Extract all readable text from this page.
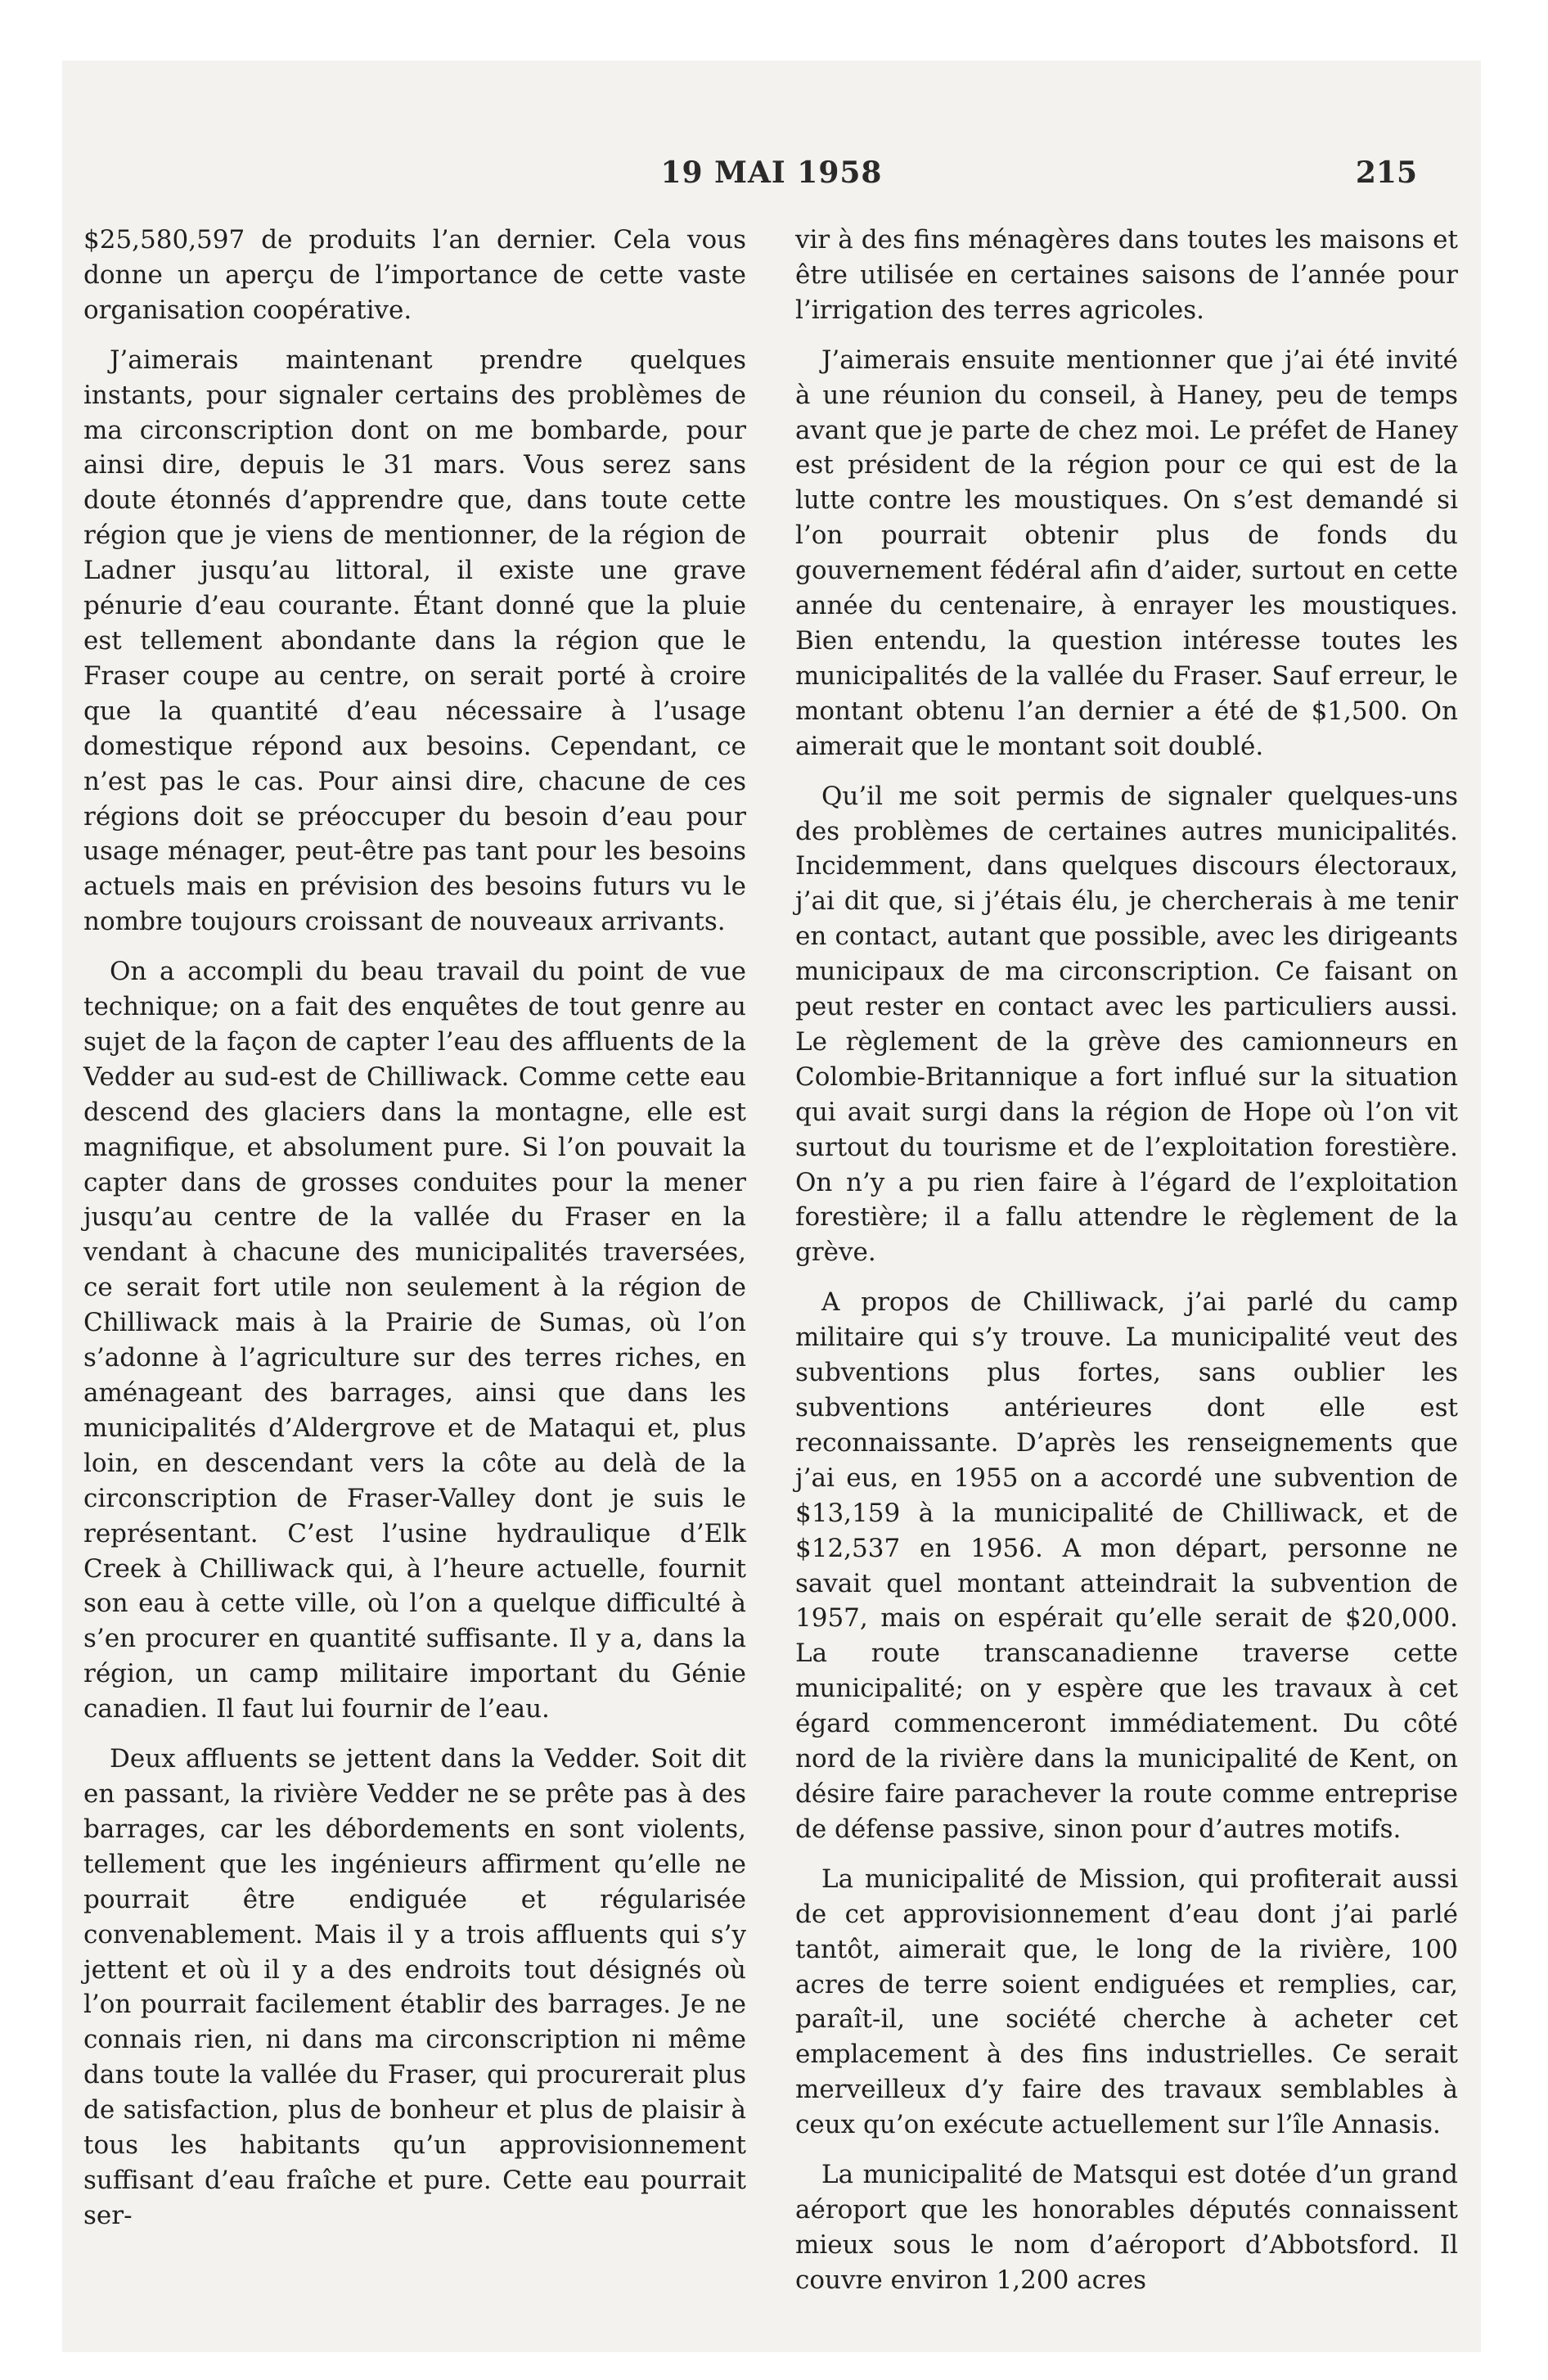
19 MAI 1958	215

$25,580,597 de produits l’an dernier. Cela vous donne un aperçu de l’importance de cette vaste organisation coopérative.

J’aimerais maintenant prendre quelques instants, pour signaler certains des problèmes de ma circonscription dont on me bombarde, pour ainsi dire, depuis le 31 mars. Vous serez sans doute étonnés d’apprendre que, dans toute cette région que je viens de mentionner, de la région de Ladner jusqu’au littoral, il existe une grave pénurie d’eau courante. Étant donné que la pluie est tellement abondante dans la région que le Fraser coupe au centre, on serait porté à croire que la quantité d’eau nécessaire à l’usage domestique répond aux besoins. Cependant, ce n’est pas le cas. Pour ainsi dire, chacune de ces régions doit se préoccuper du besoin d’eau pour usage ménager, peut-être pas tant pour les besoins actuels mais en prévision des besoins futurs vu le nombre toujours croissant de nouveaux arrivants.

On a accompli du beau travail du point de vue technique; on a fait des enquêtes de tout genre au sujet de la façon de capter l’eau des affluents de la Vedder au sud-est de Chilliwack. Comme cette eau descend des glaciers dans la montagne, elle est magnifique, et absolument pure. Si l’on pouvait la capter dans de grosses conduites pour la mener jusqu’au centre de la vallée du Fraser en la vendant à chacune des municipalités traversées, ce serait fort utile non seulement à la région de Chilliwack mais à la Prairie de Sumas, où l’on s’adonne à l’agriculture sur des terres riches, en aménageant des barrages, ainsi que dans les municipalités d’Aldergrove et de Mataqui et, plus loin, en descendant vers la côte au delà de la circonscription de Fraser-Valley dont je suis le représentant. C’est l’usine hydraulique d’Elk Creek à Chilliwack qui, à l’heure actuelle, fournit son eau à cette ville, où l’on a quelque difficulté à s’en procurer en quantité suffisante. Il y a, dans la région, un camp militaire important du Génie canadien. Il faut lui fournir de l’eau.

Deux affluents se jettent dans la Vedder. Soit dit en passant, la rivière Vedder ne se prête pas à des barrages, car les débordements en sont violents, tellement que les ingénieurs affirment qu’elle ne pourrait être endiguée et régularisée convenablement. Mais il y a trois affluents qui s’y jettent et où il y a des endroits tout désignés où l’on pourrait facilement établir des barrages. Je ne connais rien, ni dans ma circonscription ni même dans toute la vallée du Fraser, qui procurerait plus de satisfaction, plus de bonheur et plus de plaisir à tous les habitants qu’un approvisionnement suffisant d’eau fraîche et pure. Cette eau pourrait ser-

vir à des fins ménagères dans toutes les maisons et être utilisée en certaines saisons de l’année pour l’irrigation des terres agricoles.

J’aimerais ensuite mentionner que j’ai été invité à une réunion du conseil, à Haney, peu de temps avant que je parte de chez moi. Le préfet de Haney est président de la région pour ce qui est de la lutte contre les moustiques. On s’est demandé si l’on pourrait obtenir plus de fonds du gouvernement fédéral afin d’aider, surtout en cette année du centenaire, à enrayer les moustiques. Bien entendu, la question intéresse toutes les municipalités de la vallée du Fraser. Sauf erreur, le montant obtenu l’an dernier a été de $1,500. On aimerait que le montant soit doublé.

Qu’il me soit permis de signaler quelques-uns des problèmes de certaines autres municipalités. Incidemment, dans quelques discours électoraux, j’ai dit que, si j’étais élu, je chercherais à me tenir en contact, autant que possible, avec les dirigeants municipaux de ma circonscription. Ce faisant on peut rester en contact avec les particuliers aussi. Le règlement de la grève des camionneurs en Colombie-Britannique a fort influé sur la situation qui avait surgi dans la région de Hope où l’on vit surtout du tourisme et de l’exploitation forestière. On n’y a pu rien faire à l’égard de l’exploitation forestière; il a fallu attendre le règlement de la grève.

A propos de Chilliwack, j’ai parlé du camp militaire qui s’y trouve. La municipalité veut des subventions plus fortes, sans oublier les subventions antérieures dont elle est reconnaissante. D’après les renseignements que j’ai eus, en 1955 on a accordé une subvention de $13,159 à la municipalité de Chilliwack, et de $12,537 en 1956. A mon départ, personne ne savait quel montant atteindrait la subvention de 1957, mais on espérait qu’elle serait de $20,000. La route transcanadienne traverse cette municipalité; on y espère que les travaux à cet égard commenceront immédiatement. Du côté nord de la rivière dans la municipalité de Kent, on désire faire parachever la route comme entreprise de défense passive, sinon pour d’autres motifs.

La municipalité de Mission, qui profiterait aussi de cet approvisionnement d’eau dont j’ai parlé tantôt, aimerait que, le long de la rivière, 100 acres de terre soient endiguées et remplies, car, paraît-il, une société cherche à acheter cet emplacement à des fins industrielles. Ce serait merveilleux d’y faire des travaux semblables à ceux qu’on exécute actuellement sur l’île Annasis.

La municipalité de Matsqui est dotée d’un grand aéroport que les honorables députés connaissent mieux sous le nom d’aéroport d’Abbotsford. Il couvre environ 1,200 acres
